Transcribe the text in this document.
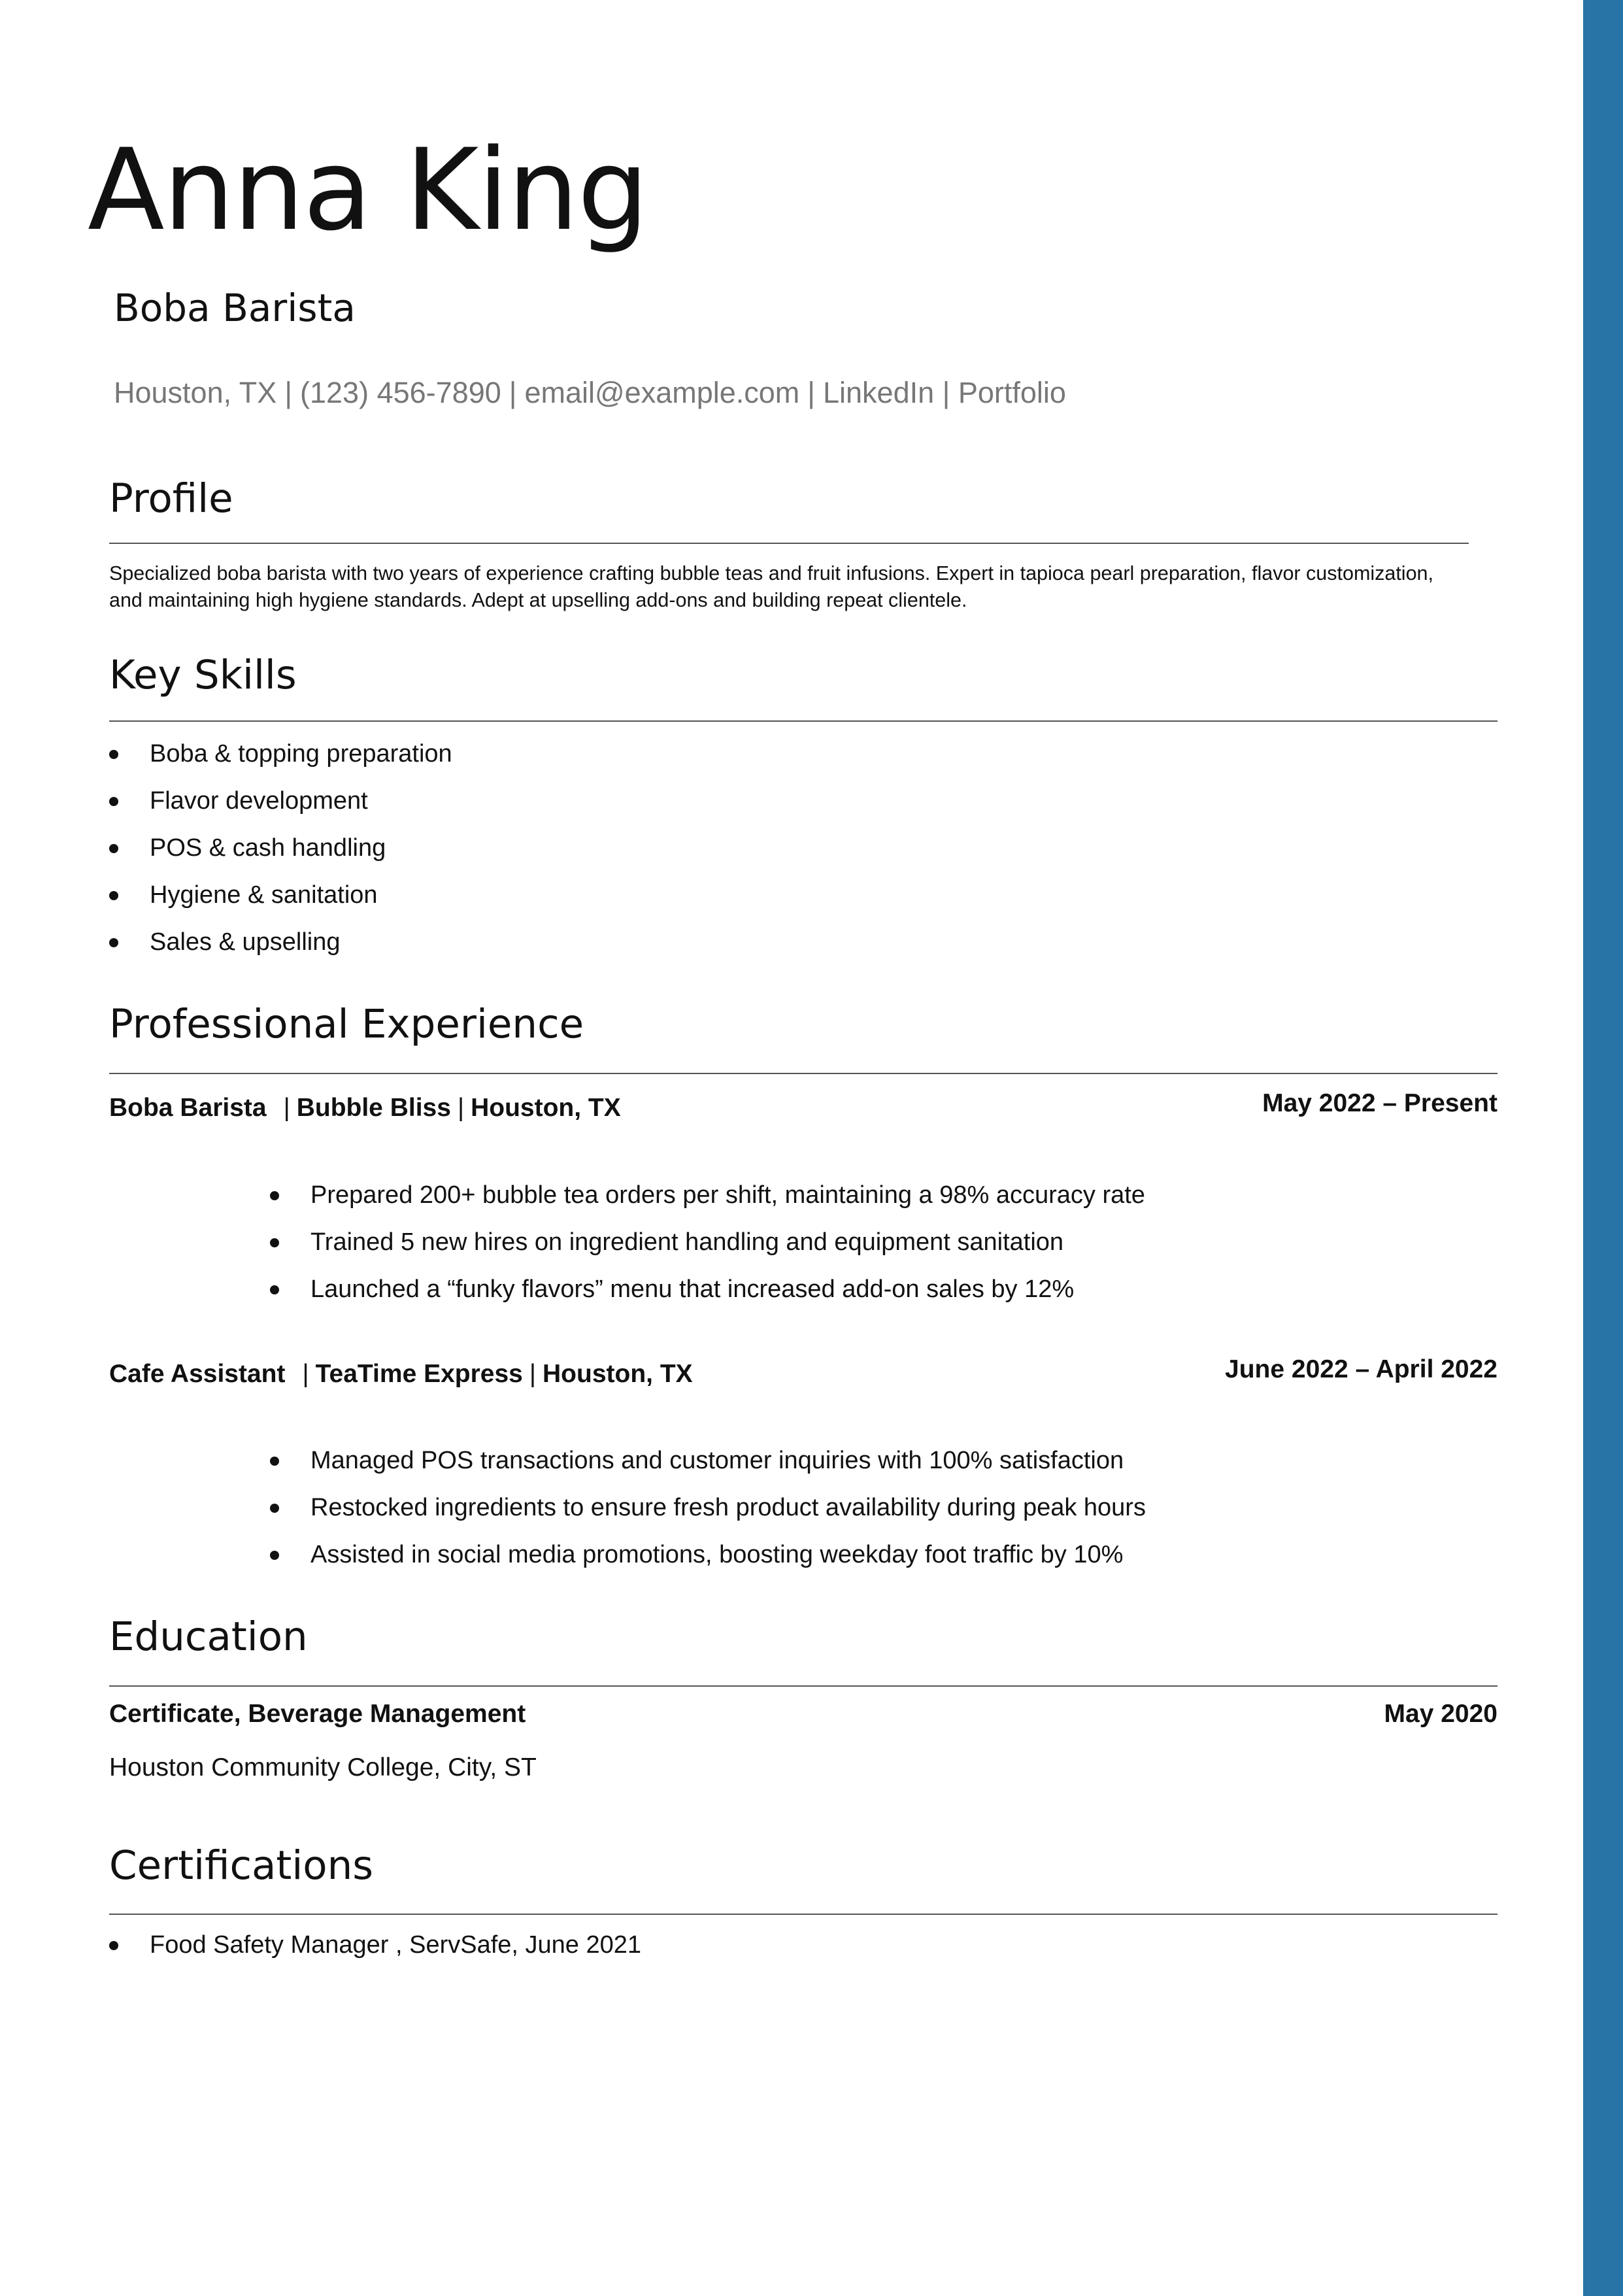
Anna King
Boba Barista
Houston, TX | (123) 456-7890 | email@example.com | LinkedIn | Portfolio
Profile

Specialized boba barista with two years of experience crafting bubble teas and fruit infusions. Expert in tapioca pearl preparation, flavor customization, and maintaining high hygiene standards. Adept at upselling add-ons and building repeat clientele.

Key Skills
Boba & topping preparation
Flavor development
POS & cash handling
Hygiene & sanitation
Sales & upselling
Professional Experience
Boba Barista | Bubble Bliss | Houston, TX	May 2022 – Present
Prepared 200+ bubble tea orders per shift, maintaining a 98% accuracy rate
Trained 5 new hires on ingredient handling and equipment sanitation
Launched a “funky flavors” menu that increased add-on sales by 12%
Cafe Assistant | TeaTime Express | Houston, TX	June 2022 – April 2022
Managed POS transactions and customer inquiries with 100% satisfaction
Restocked ingredients to ensure fresh product availability during peak hours
Assisted in social media promotions, boosting weekday foot traffic by 10%
Education
Certificate, Beverage Management	May 2020
Houston Community College, City, ST
Certifications
Food Safety Manager , ServSafe, June 2021
